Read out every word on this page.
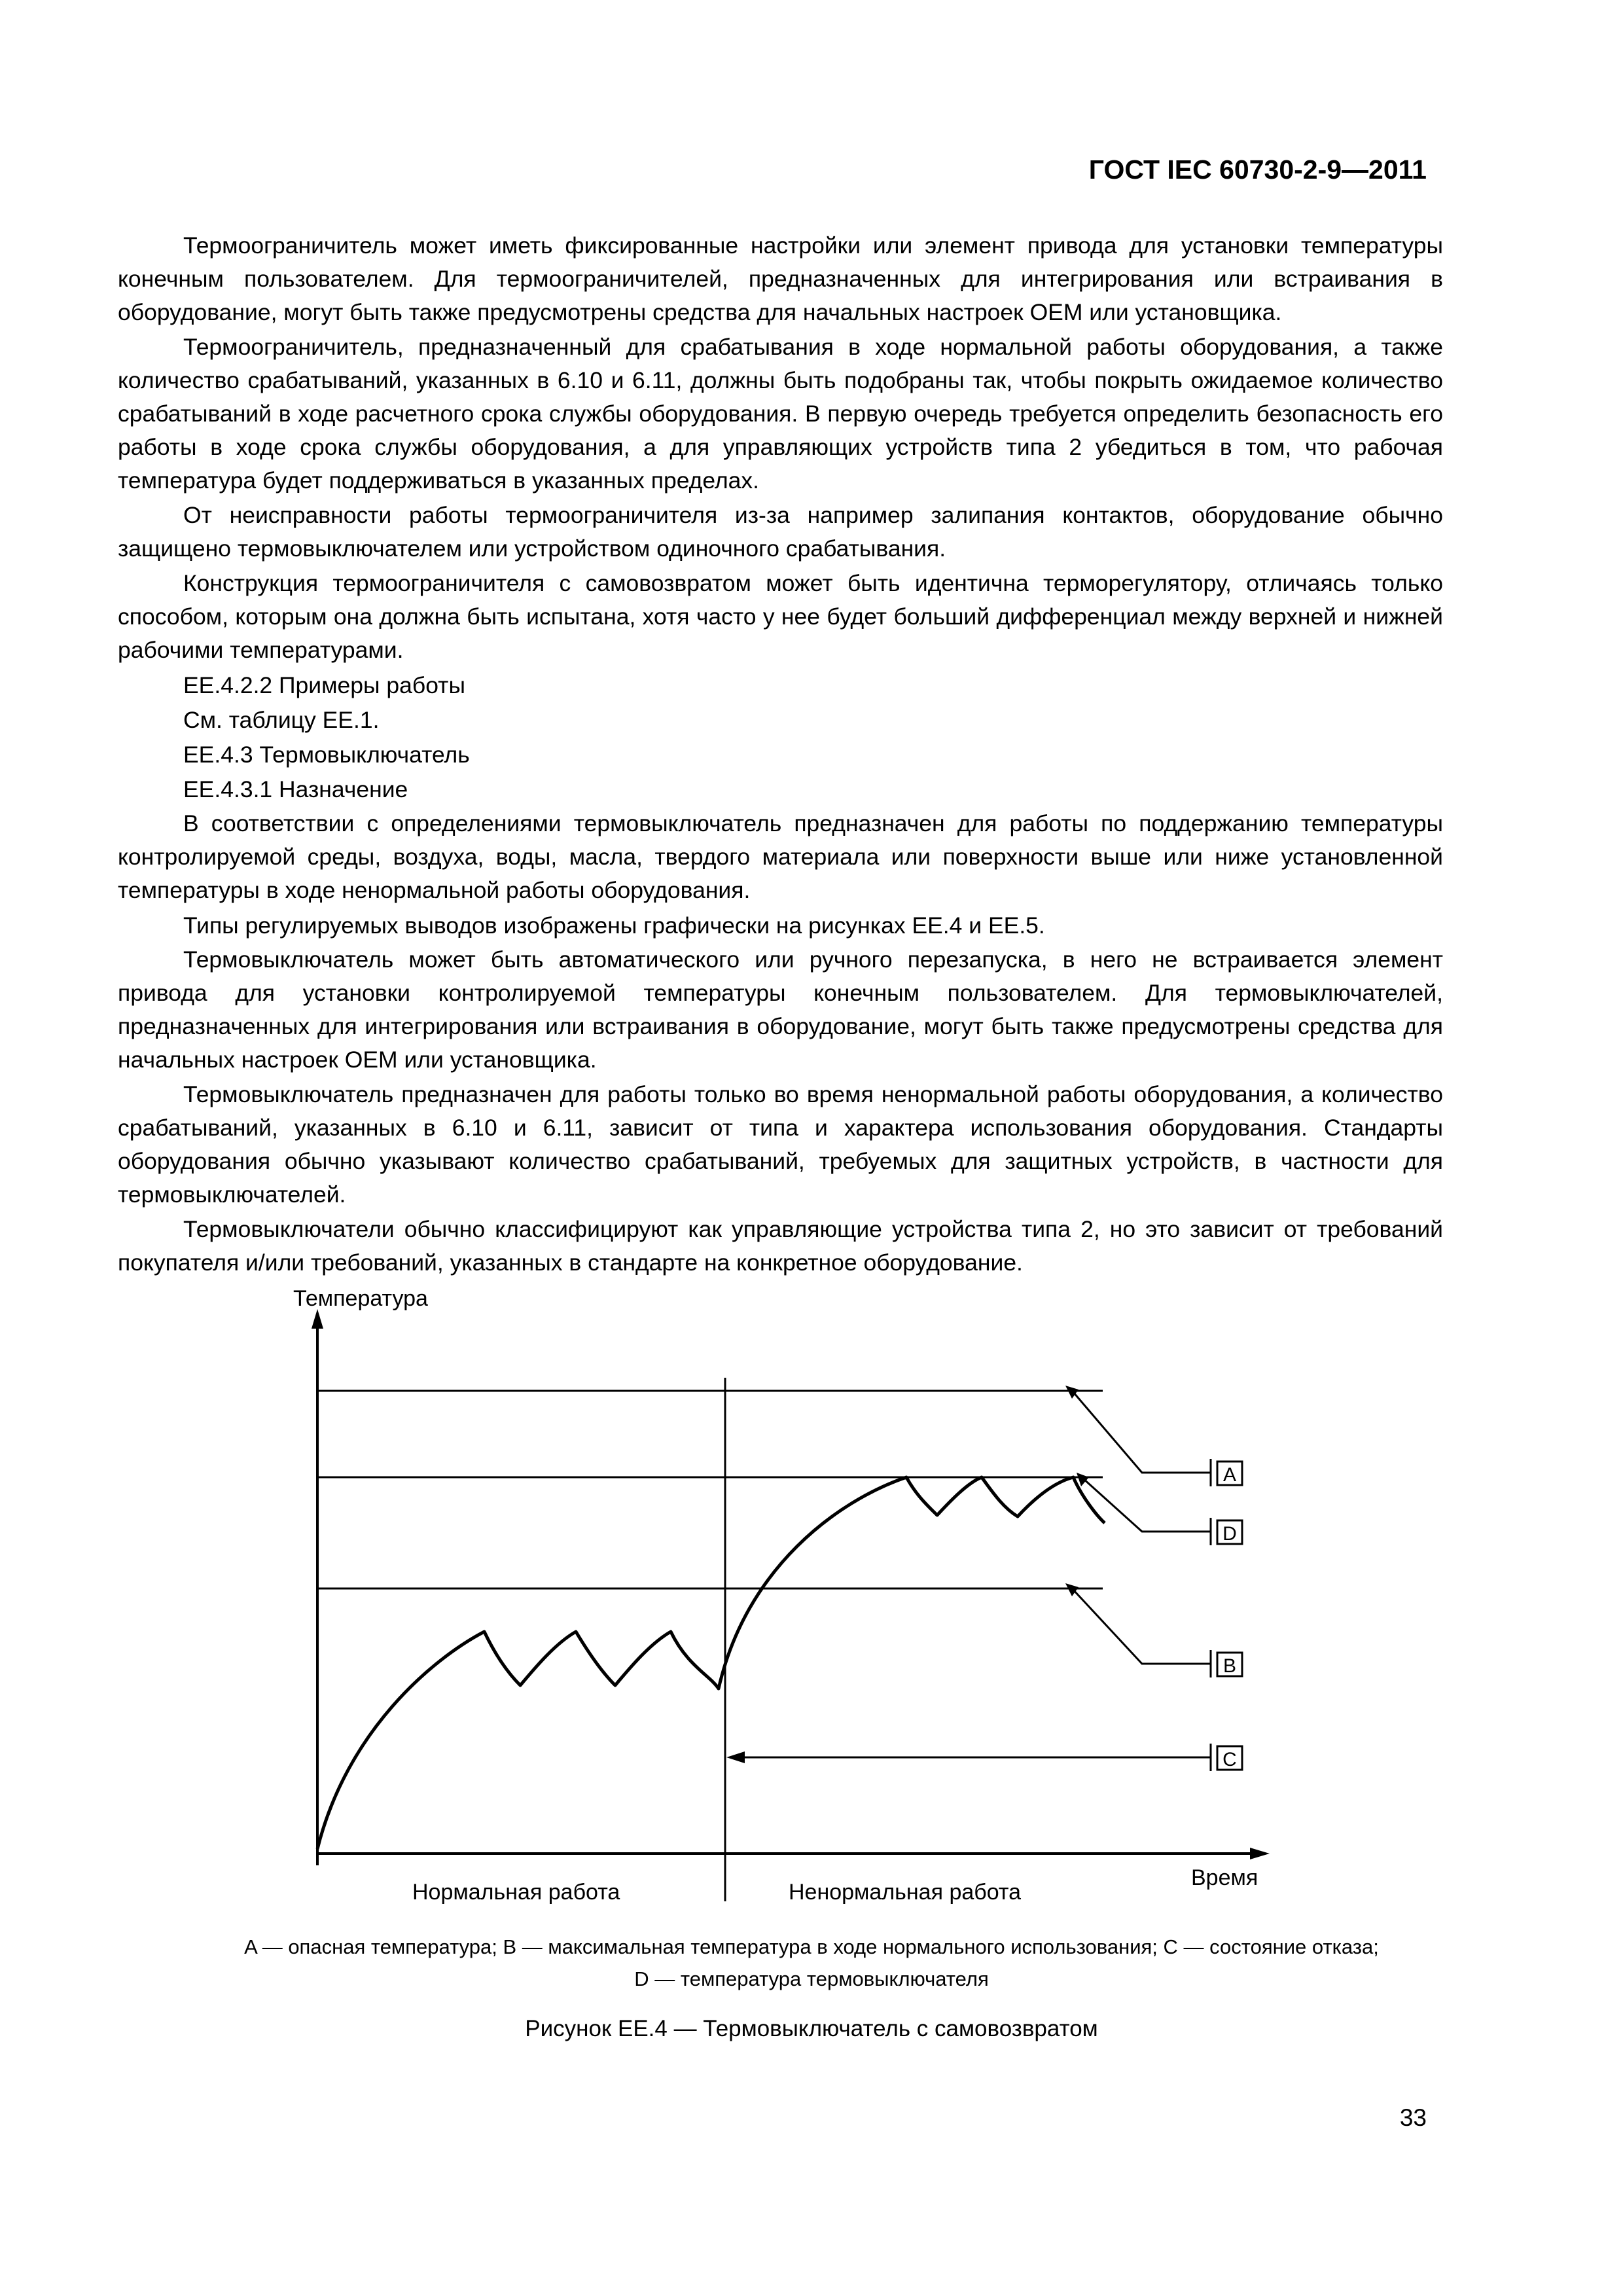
ГОСТ IEC 60730-2-9—2011

Термоограничитель может иметь фиксированные настройки или элемент привода для установки температуры конечным пользователем. Для термоограничителей, предназначенных для интегрирования или встраивания в оборудование, могут быть также предусмотрены средства для начальных настроек ОЕМ или установщика.

Термоограничитель, предназначенный для срабатывания в ходе нормальной работы оборудования, а также количество срабатываний, указанных в 6.10 и 6.11, должны быть подобраны так, чтобы покрыть ожидаемое количество срабатываний в ходе расчетного срока службы оборудования. В первую очередь требуется определить безопасность его работы в ходе срока службы оборудования, а для управляющих устройств типа 2 убедиться в том, что рабочая температура будет поддерживаться в указанных пределах.

От неисправности работы термоограничителя из-за например залипания контактов, оборудование обычно защищено термовыключателем или устройством одиночного срабатывания.

Конструкция термоограничителя с самовозвратом может быть идентична терморегулятору, отличаясь только способом, которым она должна быть испытана, хотя часто у нее будет больший дифференциал между верхней и нижней рабочими температурами.

ЕЕ.4.2.2 Примеры работы

См. таблицу ЕЕ.1.

ЕЕ.4.3 Термовыключатель

ЕЕ.4.3.1 Назначение

В соответствии с определениями термовыключатель предназначен для работы по поддержанию температуры контролируемой среды, воздуха, воды, масла, твердого материала или поверхности выше или ниже установленной температуры в ходе ненормальной работы оборудования.

Типы регулируемых выводов изображены графически на рисунках ЕЕ.4 и ЕЕ.5.

Термовыключатель может быть автоматического или ручного перезапуска, в него не встраивается элемент привода для установки контролируемой температуры конечным пользователем. Для термовыключателей, предназначенных для интегрирования или встраивания в оборудование, могут быть также предусмотрены средства для начальных настроек ОЕМ или установщика.

Термовыключатель предназначен для работы только во время ненормальной работы оборудования, а количество срабатываний, указанных в 6.10 и 6.11, зависит от типа и характера использования оборудования. Стандарты оборудования обычно указывают количество срабатываний, требуемых для защитных устройств, в частности для термовыключателей.

Термовыключатели обычно классифицируют как управляющие устройства типа 2, но это зависит от требований покупателя и/или требований, указанных в стандарте на конкретное оборудование.

Температура
Время
A
D
B
C
Нормальная работа	Ненормальная работа
A — опасная температура; B — максимальная температура в ходе нормального использования; C — состояние отказа;
D — температура термовыключателя
Рисунок ЕЕ.4 — Термовыключатель с самовозвратом
33
